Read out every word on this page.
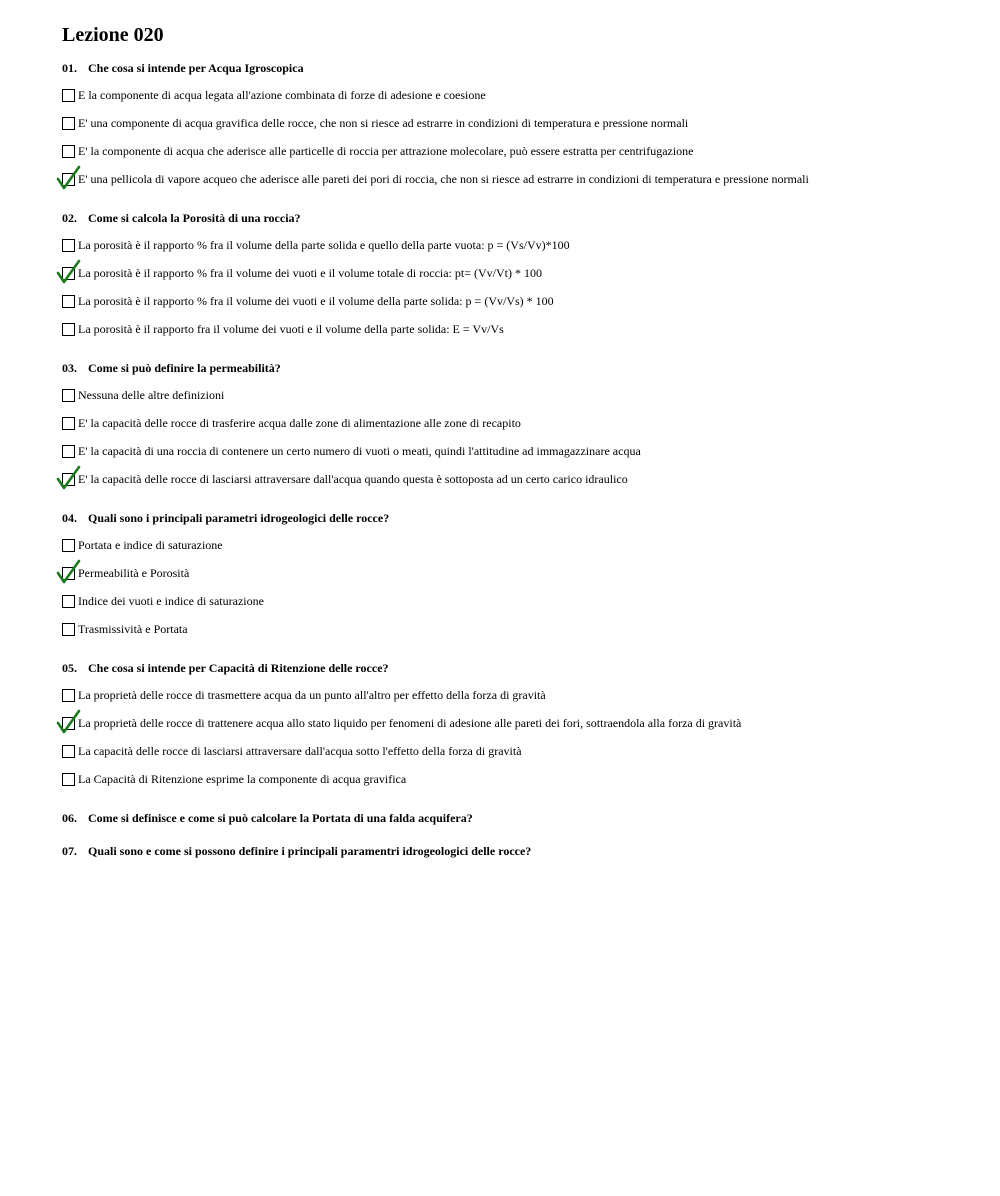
Lezione 020
01. Che cosa si intende per Acqua Igroscopica
E la componente di acqua legata all'azione combinata di forze di adesione e coesione
E' una componente di acqua gravifica delle rocce, che non si riesce ad estrarre in condizioni di temperatura e pressione normali
E' la componente di acqua che aderisce alle particelle di roccia per attrazione molecolare, può essere estratta per centrifugazione
E' una pellicola di vapore acqueo che aderisce alle pareti dei pori di roccia, che non si riesce ad estrarre in condizioni di temperatura e pressione normali
02. Come si calcola la Porosità di una roccia?
La porosità è il rapporto % fra il volume della parte solida e quello della parte vuota: p = (Vs/Vv)*100
La porosità è il rapporto % fra il volume dei vuoti e il volume totale di roccia: pt= (Vv/Vt) * 100
La porosità è il rapporto % fra il volume dei vuoti e il volume della parte solida: p = (Vv/Vs) * 100
La porosità è il rapporto fra il volume dei vuoti e il volume della parte solida: E = Vv/Vs
03. Come si può definire la permeabilità?
Nessuna delle altre definizioni
E' la capacità delle rocce di trasferire acqua dalle zone di alimentazione alle zone di recapito
E' la capacità di una roccia di contenere un certo numero di vuoti o meati, quindi l'attitudine ad immagazzinare acqua
E' la capacità delle rocce di lasciarsi attraversare dall'acqua quando questa è sottoposta ad un certo carico idraulico
04. Quali sono i principali parametri idrogeologici delle rocce?
Portata e indice di saturazione
Permeabilità e Porosità
Indice dei vuoti e indice di saturazione
Trasmissività e Portata
05. Che cosa si intende per Capacità di Ritenzione delle rocce?
La proprietà delle rocce di trasmettere acqua da un punto all'altro per effetto della forza di gravità
La proprietà delle rocce di trattenere acqua allo stato liquido per fenomeni di adesione alle pareti dei fori, sottraendola alla forza di gravità
La capacità delle rocce di lasciarsi attraversare dall'acqua sotto l'effetto della forza di gravità
La Capacità di Ritenzione esprime la componente di acqua gravifica
06. Come si definisce e come si può calcolare la Portata di una falda acquifera?
07. Quali sono e come si possono definire i principali paramentri idrogeologici delle rocce?
